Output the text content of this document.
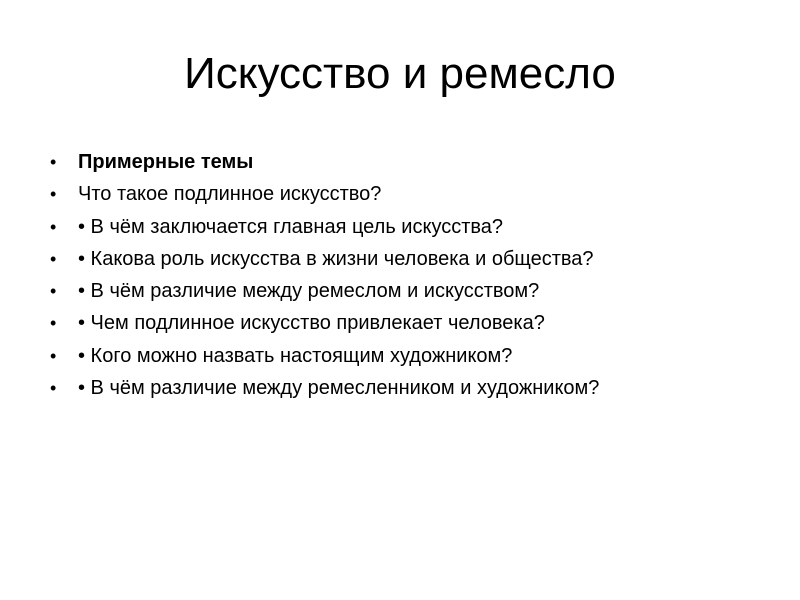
Искусство и ремесло
•	Примерные темы
•	Что такое подлинное искусство?
•	• В чём заключается главная цель искусства?
•	• Какова роль искусства в жизни человека и общества?
•	• В чём различие между ремеслом и искусством?
•	• Чем подлинное искусство привлекает человека?
•	• Кого можно назвать настоящим художником?
•	• В чём различие между ремесленником и художником?
